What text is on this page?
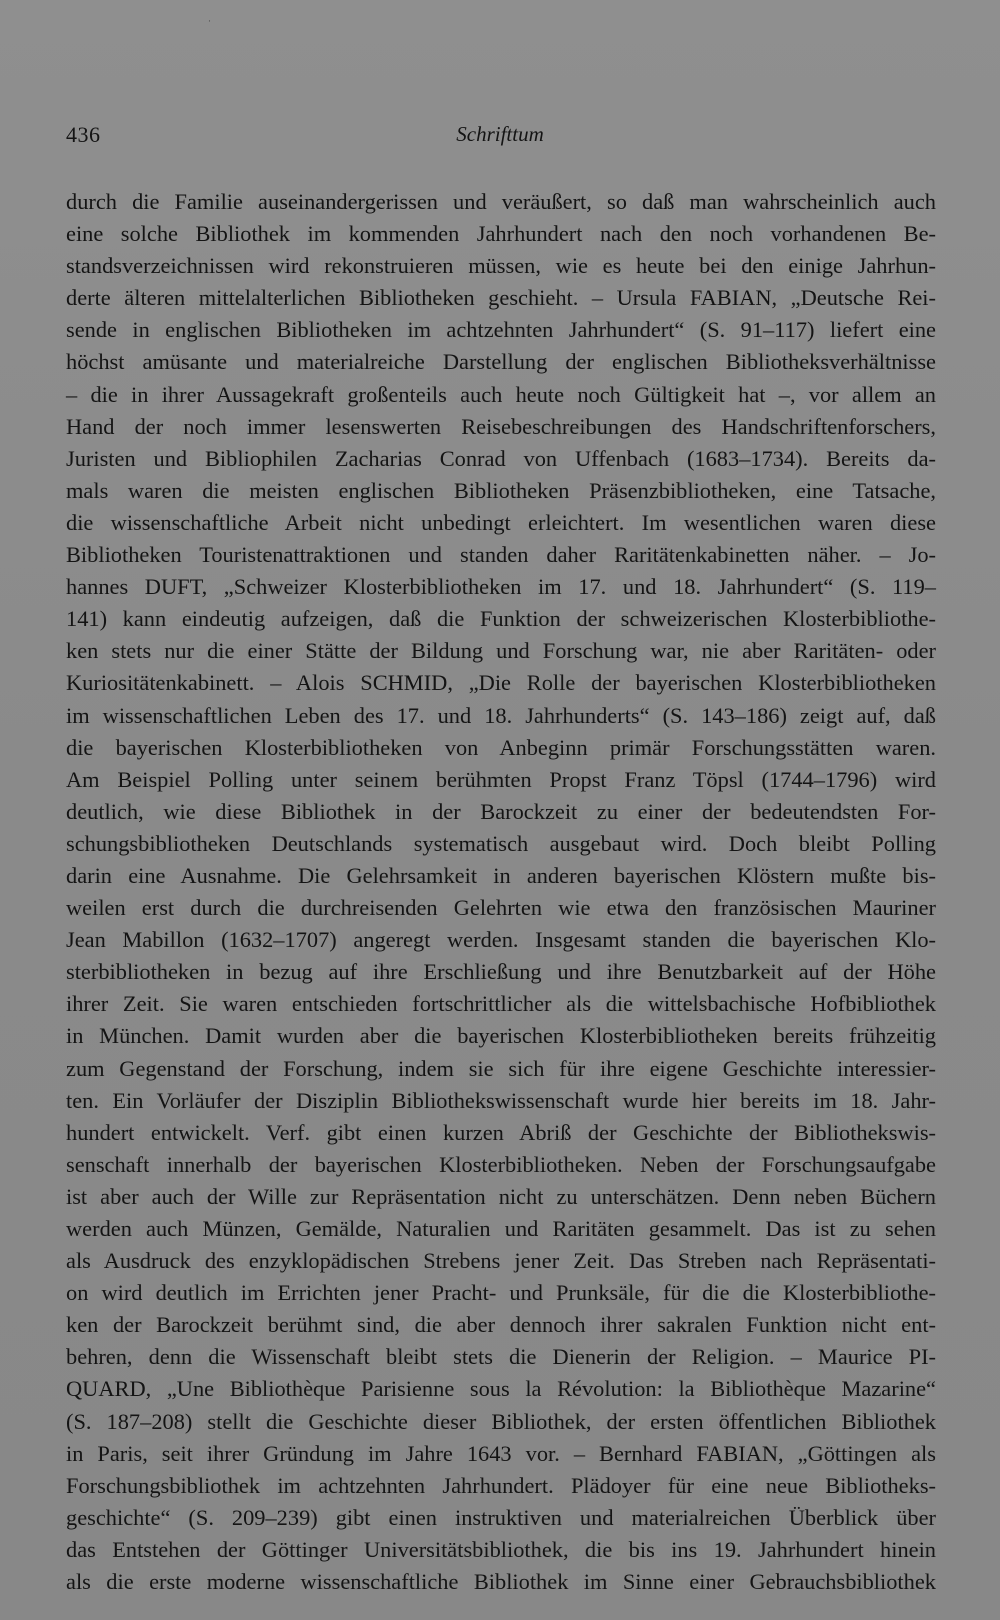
·
436	Schrifttum
durch die Familie auseinandergerissen und veräußert, so daß man wahrscheinlich auch
eine solche Bibliothek im kommenden Jahrhundert nach den noch vorhandenen Be-
standsverzeichnissen wird rekonstruieren müssen, wie es heute bei den einige Jahrhun-
derte älteren mittelalterlichen Bibliotheken geschieht. – Ursula FABIAN, „Deutsche Rei-
sende in englischen Bibliotheken im achtzehnten Jahrhundert“ (S. 91–117) liefert eine
höchst amüsante und materialreiche Darstellung der englischen Bibliotheksverhältnisse
– die in ihrer Aussagekraft großenteils auch heute noch Gültigkeit hat –, vor allem an
Hand der noch immer lesenswerten Reisebeschreibungen des Handschriftenforschers,
Juristen und Bibliophilen Zacharias Conrad von Uffenbach (1683–1734). Bereits da-
mals waren die meisten englischen Bibliotheken Präsenzbibliotheken, eine Tatsache,
die wissenschaftliche Arbeit nicht unbedingt erleichtert. Im wesentlichen waren diese
Bibliotheken Touristenattraktionen und standen daher Raritätenkabinetten näher. – Jo-
hannes DUFT, „Schweizer Klosterbibliotheken im 17. und 18. Jahrhundert“ (S. 119–
141) kann eindeutig aufzeigen, daß die Funktion der schweizerischen Klosterbibliothe-
ken stets nur die einer Stätte der Bildung und Forschung war, nie aber Raritäten- oder
Kuriositätenkabinett. – Alois SCHMID, „Die Rolle der bayerischen Klosterbibliotheken
im wissenschaftlichen Leben des 17. und 18. Jahrhunderts“ (S. 143–186) zeigt auf, daß
die bayerischen Klosterbibliotheken von Anbeginn primär Forschungsstätten waren.
Am Beispiel Polling unter seinem berühmten Propst Franz Töpsl (1744–1796) wird
deutlich, wie diese Bibliothek in der Barockzeit zu einer der bedeutendsten For-
schungsbibliotheken Deutschlands systematisch ausgebaut wird. Doch bleibt Polling
darin eine Ausnahme. Die Gelehrsamkeit in anderen bayerischen Klöstern mußte bis-
weilen erst durch die durchreisenden Gelehrten wie etwa den französischen Mauriner
Jean Mabillon (1632–1707) angeregt werden. Insgesamt standen die bayerischen Klo-
sterbibliotheken in bezug auf ihre Erschließung und ihre Benutzbarkeit auf der Höhe
ihrer Zeit. Sie waren entschieden fortschrittlicher als die wittelsbachische Hofbibliothek
in München. Damit wurden aber die bayerischen Klosterbibliotheken bereits frühzeitig
zum Gegenstand der Forschung, indem sie sich für ihre eigene Geschichte interessier-
ten. Ein Vorläufer der Disziplin Bibliothekswissenschaft wurde hier bereits im 18. Jahr-
hundert entwickelt. Verf. gibt einen kurzen Abriß der Geschichte der Bibliothekswis-
senschaft innerhalb der bayerischen Klosterbibliotheken. Neben der Forschungsaufgabe
ist aber auch der Wille zur Repräsentation nicht zu unterschätzen. Denn neben Büchern
werden auch Münzen, Gemälde, Naturalien und Raritäten gesammelt. Das ist zu sehen
als Ausdruck des enzyklopädischen Strebens jener Zeit. Das Streben nach Repräsentati-
on wird deutlich im Errichten jener Pracht- und Prunksäle, für die die Klosterbibliothe-
ken der Barockzeit berühmt sind, die aber dennoch ihrer sakralen Funktion nicht ent-
behren, denn die Wissenschaft bleibt stets die Dienerin der Religion. – Maurice PI-
QUARD, „Une Bibliothèque Parisienne sous la Révolution: la Bibliothèque Mazarine“
(S. 187–208) stellt die Geschichte dieser Bibliothek, der ersten öffentlichen Bibliothek
in Paris, seit ihrer Gründung im Jahre 1643 vor. – Bernhard FABIAN, „Göttingen als
Forschungsbibliothek im achtzehnten Jahrhundert. Plädoyer für eine neue Bibliotheks-
geschichte“ (S. 209–239) gibt einen instruktiven und materialreichen Überblick über
das Entstehen der Göttinger Universitätsbibliothek, die bis ins 19. Jahrhundert hinein
als die erste moderne wissenschaftliche Bibliothek im Sinne einer Gebrauchsbibliothek
